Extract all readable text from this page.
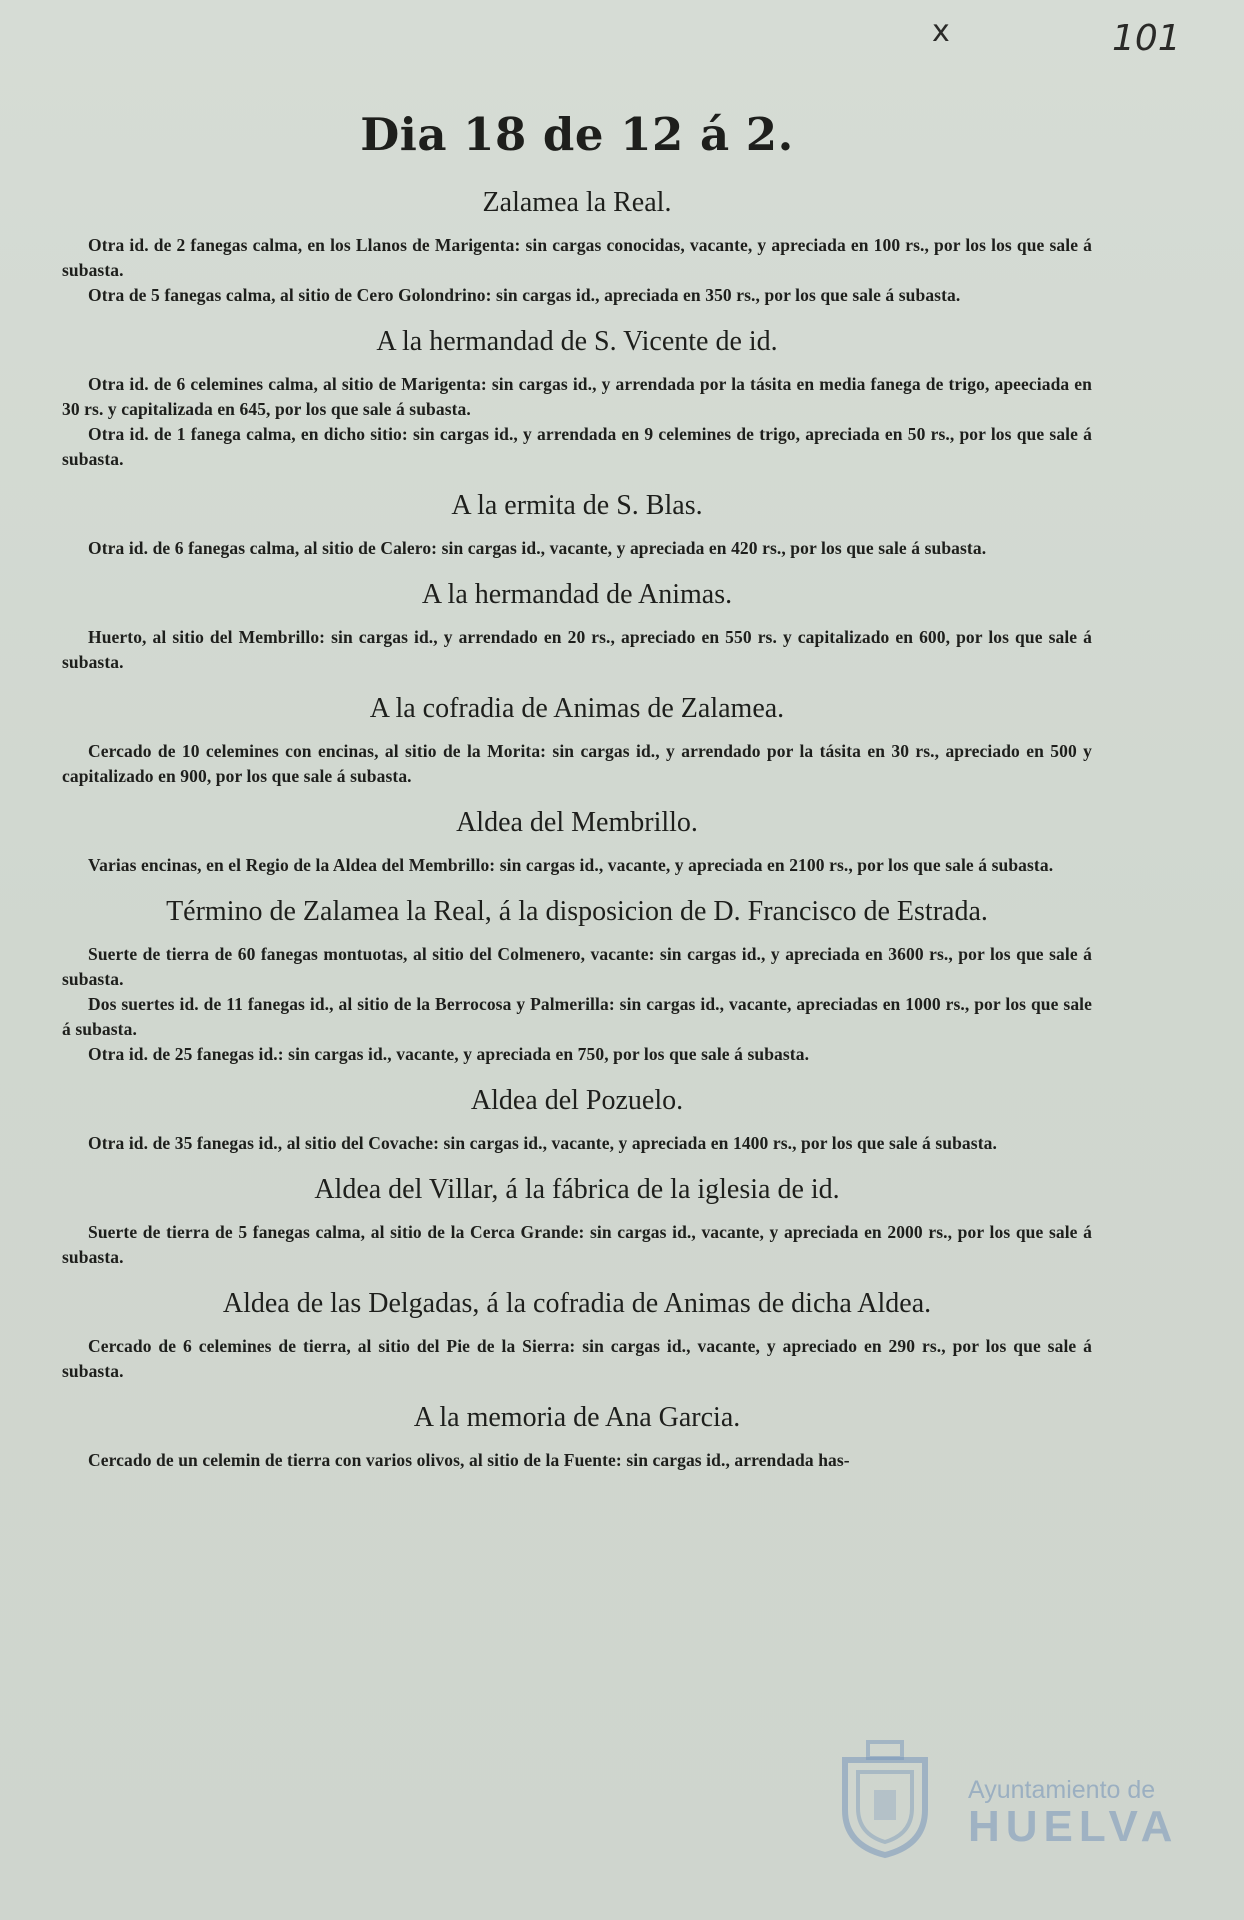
x	101
Dia 18 de 12 á 2.
Zalamea la Real.

Otra id. de 2 fanegas calma, en los Llanos de Marigenta: sin cargas conocidas, vacante, y apreciada en 100 rs., por los los que sale á subasta.

Otra de 5 fanegas calma, al sitio de Cero Golondrino: sin cargas id., apreciada en 350 rs., por los que sale á subasta.

A la hermandad de S. Vicente de id.

Otra id. de 6 celemines calma, al sitio de Marigenta: sin cargas id., y arrendada por la tásita en media fanega de trigo, apeeciada en 30 rs. y capitalizada en 645, por los que sale á subasta.

Otra id. de 1 fanega calma, en dicho sitio: sin cargas id., y arrendada en 9 celemines de trigo, apreciada en 50 rs., por los que sale á subasta.

A la ermita de S. Blas.

Otra id. de 6 fanegas calma, al sitio de Calero: sin cargas id., vacante, y apreciada en 420 rs., por los que sale á subasta.

A la hermandad de Animas.

Huerto, al sitio del Membrillo: sin cargas id., y arrendado en 20 rs., apreciado en 550 rs. y capitalizado en 600, por los que sale á subasta.

A la cofradia de Animas de Zalamea.

Cercado de 10 celemines con encinas, al sitio de la Morita: sin cargas id., y arrendado por la tásita en 30 rs., apreciado en 500 y capitalizado en 900, por los que sale á subasta.

Aldea del Membrillo.

Varias encinas, en el Regio de la Aldea del Membrillo: sin cargas id., vacante, y apreciada en 2100 rs., por los que sale á subasta.

Término de Zalamea la Real, á la disposicion de D. Francisco de Estrada.

Suerte de tierra de 60 fanegas montuotas, al sitio del Colmenero, vacante: sin cargas id., y apreciada en 3600 rs., por los que sale á subasta.

Dos suertes id. de 11 fanegas id., al sitio de la Berrocosa y Palmerilla: sin cargas id., vacante, apreciadas en 1000 rs., por los que sale á subasta.

Otra id. de 25 fanegas id.: sin cargas id., vacante, y apreciada en 750, por los que sale á subasta.

Aldea del Pozuelo.

Otra id. de 35 fanegas id., al sitio del Covache: sin cargas id., vacante, y apreciada en 1400 rs., por los que sale á subasta.

Aldea del Villar, á la fábrica de la iglesia de id.

Suerte de tierra de 5 fanegas calma, al sitio de la Cerca Grande: sin cargas id., vacante, y apreciada en 2000 rs., por los que sale á subasta.

Aldea de las Delgadas, á la cofradia de Animas de dicha Aldea.

Cercado de 6 celemines de tierra, al sitio del Pie de la Sierra: sin cargas id., vacante, y apreciado en 290 rs., por los que sale á subasta.

A la memoria de Ana Garcia.

Cercado de un celemin de tierra con varios olivos, al sitio de la Fuente: sin cargas id., arrendada has-

Ayuntamiento de
HUELVA
